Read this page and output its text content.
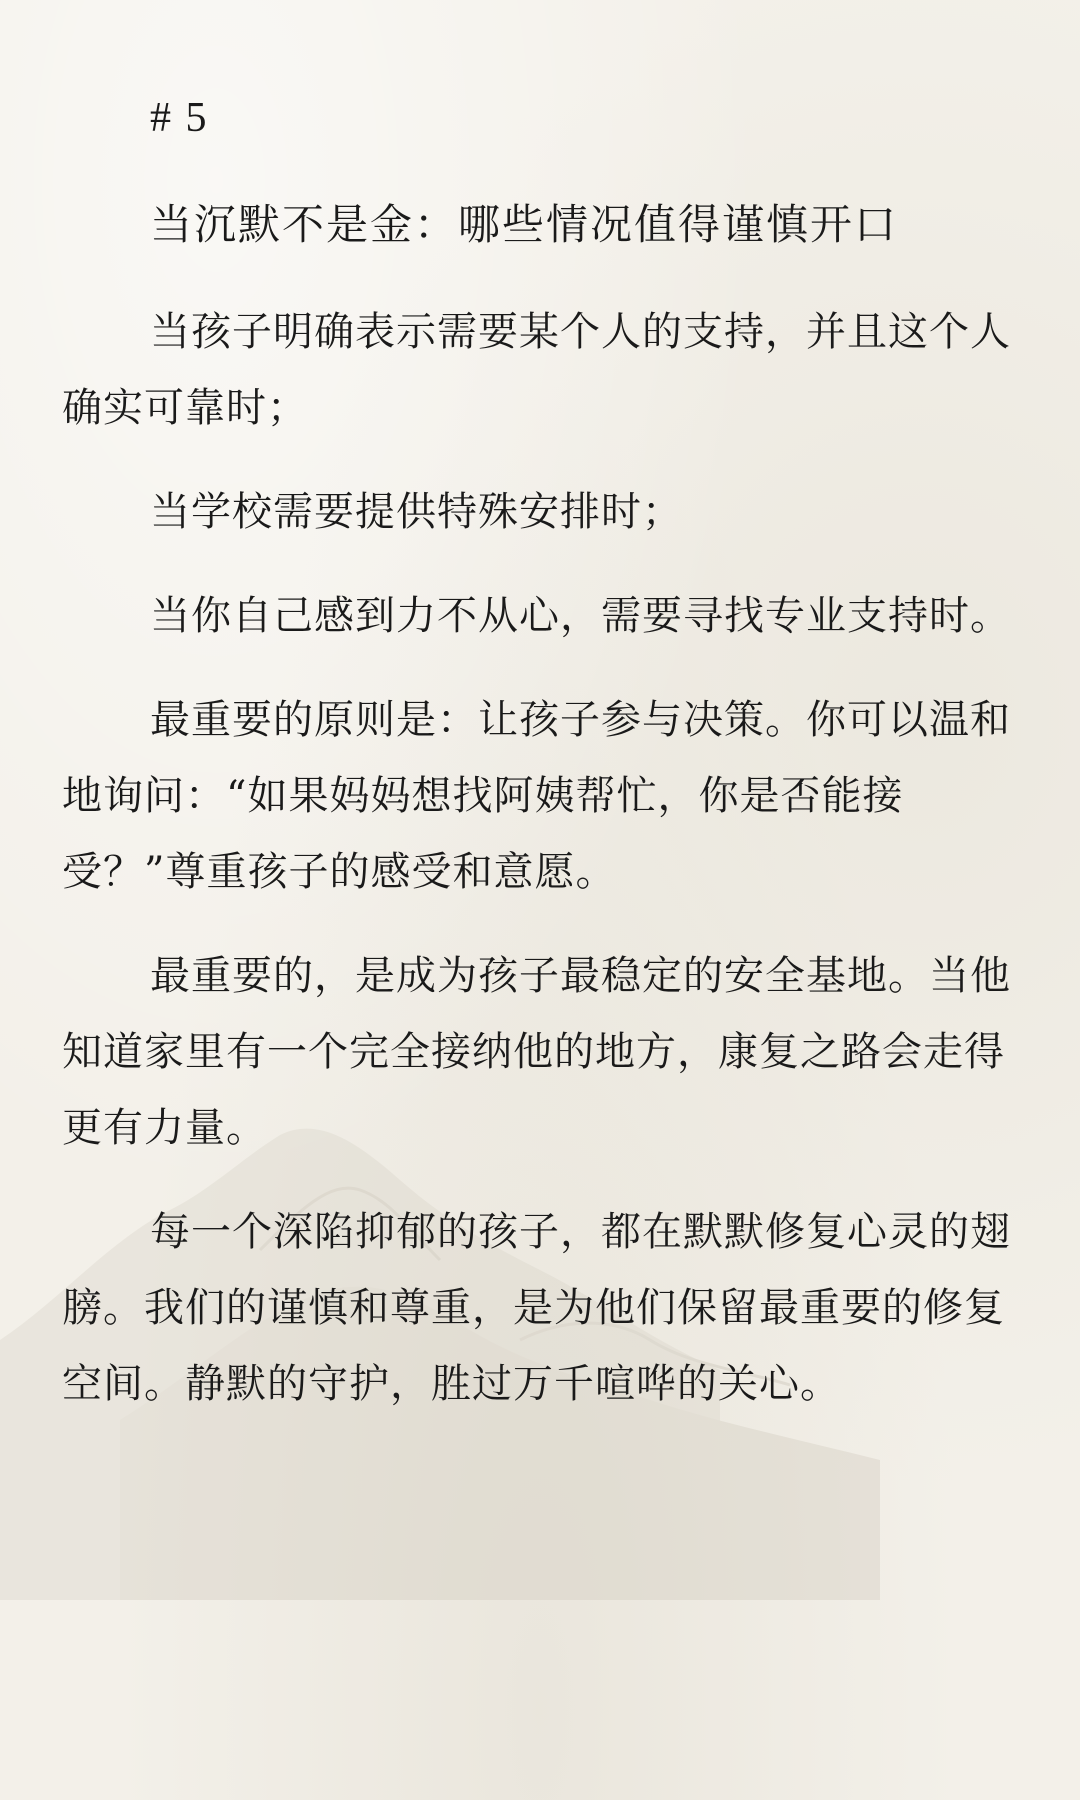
# 5
当沉默不是金：哪些情况值得谨慎开口

当孩子明确表示需要某个人的支持，并且这个人确实可靠时；

当学校需要提供特殊安排时；

当你自己感到力不从心，需要寻找专业支持时。

最重要的原则是：让孩子参与决策。你可以温和地询问：“如果妈妈想找阿姨帮忙，你是否能接受？”尊重孩子的感受和意愿。

最重要的，是成为孩子最稳定的安全基地。当他知道家里有一个完全接纳他的地方，康复之路会走得更有力量。

每一个深陷抑郁的孩子，都在默默修复心灵的翅膀。我们的谨慎和尊重，是为他们保留最重要的修复空间。静默的守护，胜过万千喧哗的关心。
